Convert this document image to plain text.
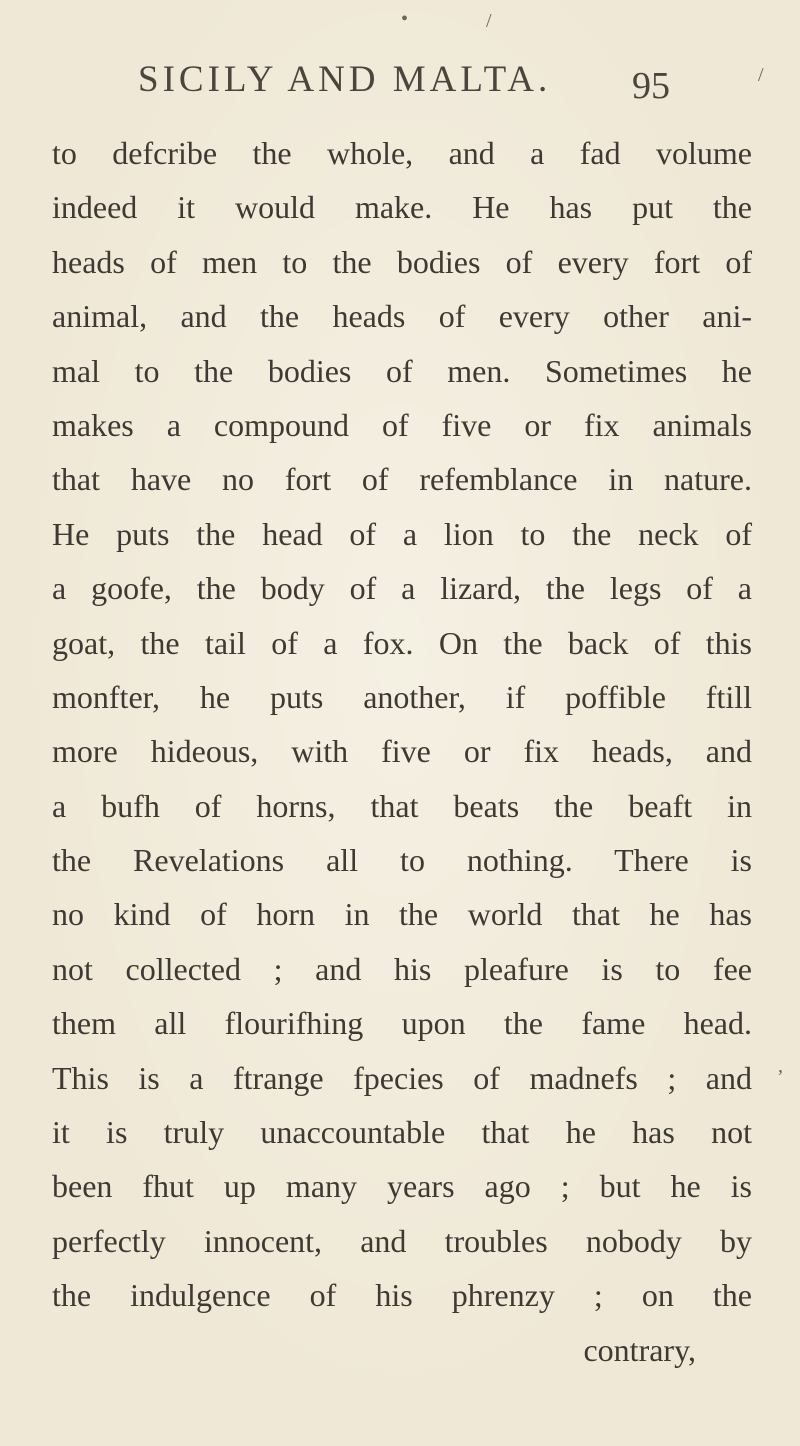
SICILY AND MALTA.	95
to defcribe the whole, and a fad volume
indeed it would make. He has put the
heads of men to the bodies of every fort of
animal, and the heads of every other ani-
mal to the bodies of men. Sometimes he
makes a compound of five or fix animals
that have no fort of refemblance in nature.
He puts the head of a lion to the neck of
a goofe, the body of a lizard, the legs of a
goat, the tail of a fox. On the back of this
monfter, he puts another, if poffible ftill
more hideous, with five or fix heads, and
a bufh of horns, that beats the beaft in
the Revelations all to nothing. There is
no kind of horn in the world that he has
not collected ; and his pleafure is to fee
them all flourifhing upon the fame head.
This is a ftrange fpecies of madnefs ; and
it is truly unaccountable that he has not
been fhut up many years ago ; but he is
perfectly innocent, and troubles nobody by
the indulgence of his phrenzy ; on the
contrary,
•	/
/
’
